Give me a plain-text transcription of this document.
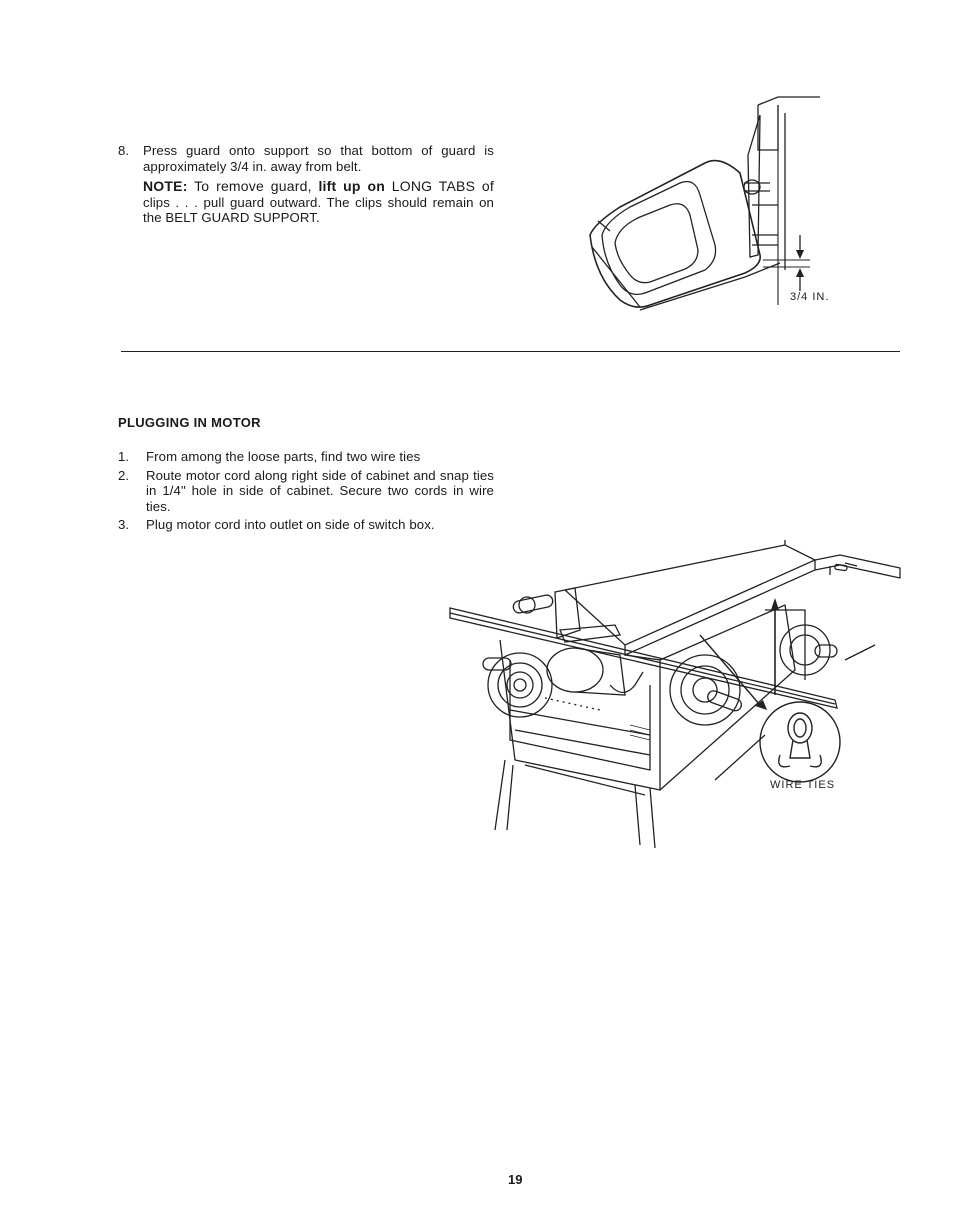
8. Press guard onto support so that bottom of guard is approximately 3/4 in. away from belt.
NOTE: To remove guard, lift up on LONG TABS of clips . . . pull guard outward. The clips should remain on the BELT GUARD SUPPORT.
3/4 IN.
PLUGGING IN MOTOR
1. From among the loose parts, find two wire ties
2. Route motor cord along right side of cabinet and snap ties in 1/4" hole in side of cabinet. Secure two cords in wire ties.
3. Plug motor cord into outlet on side of switch box.
WIRE TIES
19
